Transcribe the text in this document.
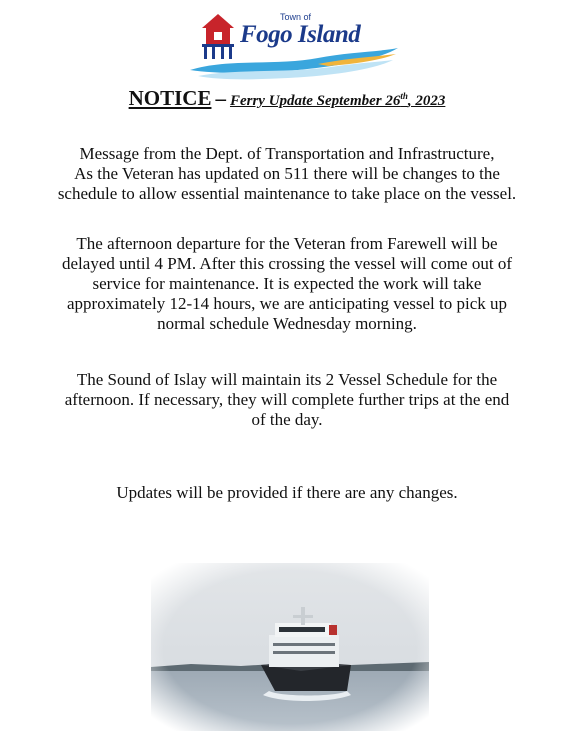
Town of
Fogo Island
NOTICE – Ferry Update September 26th, 2023
Message from the Dept. of Transportation and Infrastructure,
As the Veteran has updated on 511 there will be changes to the
schedule to allow essential maintenance to take place on the vessel.
The afternoon departure for the Veteran from Farewell will be
delayed until 4 PM. After this crossing the vessel will come out of
service for maintenance. It is expected the work will take
approximately 12-14 hours, we are anticipating vessel to pick up
normal schedule Wednesday morning.
The Sound of Islay will maintain its 2 Vessel Schedule for the
afternoon. If necessary, they will complete further trips at the end
of the day.
Updates will be provided if there are any changes.
